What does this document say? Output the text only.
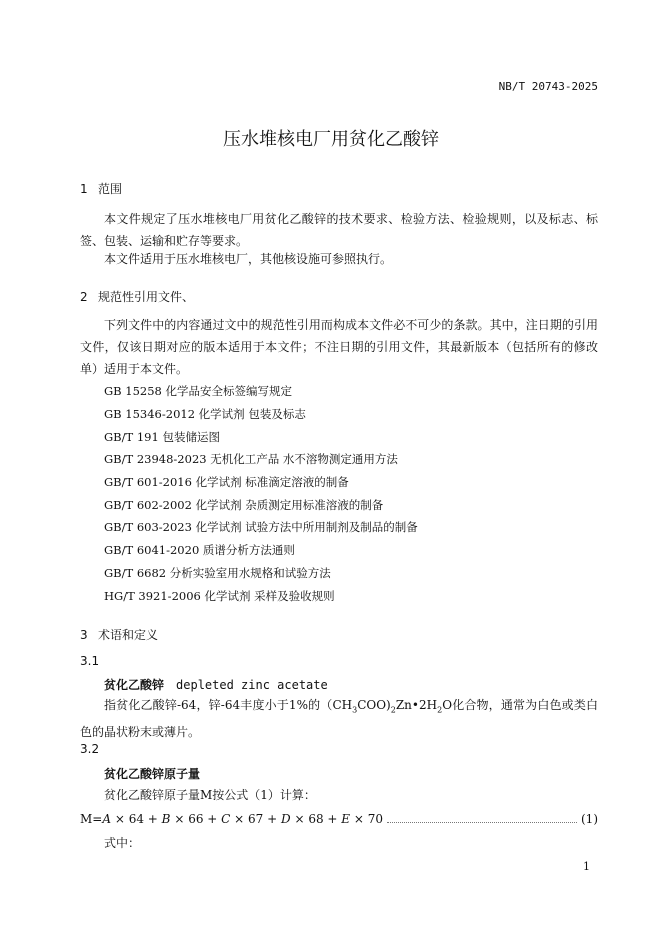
NB/T 20743-2025
压水堆核电厂用贫化乙酸锌
1 范围
本文件规定了压水堆核电厂用贫化乙酸锌的技术要求、检验方法、检验规则，以及标志、标签、包装、运输和贮存等要求。
本文件适用于压水堆核电厂，其他核设施可参照执行。
2 规范性引用文件、
下列文件中的内容通过文中的规范性引用而构成本文件必不可少的条款。其中，注日期的引用文件，仅该日期对应的版本适用于本文件；不注日期的引用文件，其最新版本（包括所有的修改单）适用于本文件。
GB 15258 化学品安全标签编写规定
GB 15346-2012 化学试剂 包装及标志
GB/T 191 包装储运图
GB/T 23948-2023 无机化工产品 水不溶物测定通用方法
GB/T 601-2016 化学试剂 标准滴定溶液的制备
GB/T 602-2002 化学试剂 杂质测定用标准溶液的制备
GB/T 603-2023 化学试剂 试验方法中所用制剂及制品的制备
GB/T 6041-2020 质谱分析方法通则
GB/T 6682 分析实验室用水规格和试验方法
HG/T 3921-2006 化学试剂 采样及验收规则
3 术语和定义
3.1
贫化乙酸锌 depleted zinc acetate
指贫化乙酸锌-64，锌-64丰度小于1%的$(CH_3COO)_2Zn•2H_2O$化合物，通常为白色或类白色的晶状粉末或薄片。
3.2
贫化乙酸锌原子量
贫化乙酸锌原子量M按公式（1）计算：
M=A × 64 + B × 66 + C × 67 + D × 68 + E × 70	(1)
式中：
1
